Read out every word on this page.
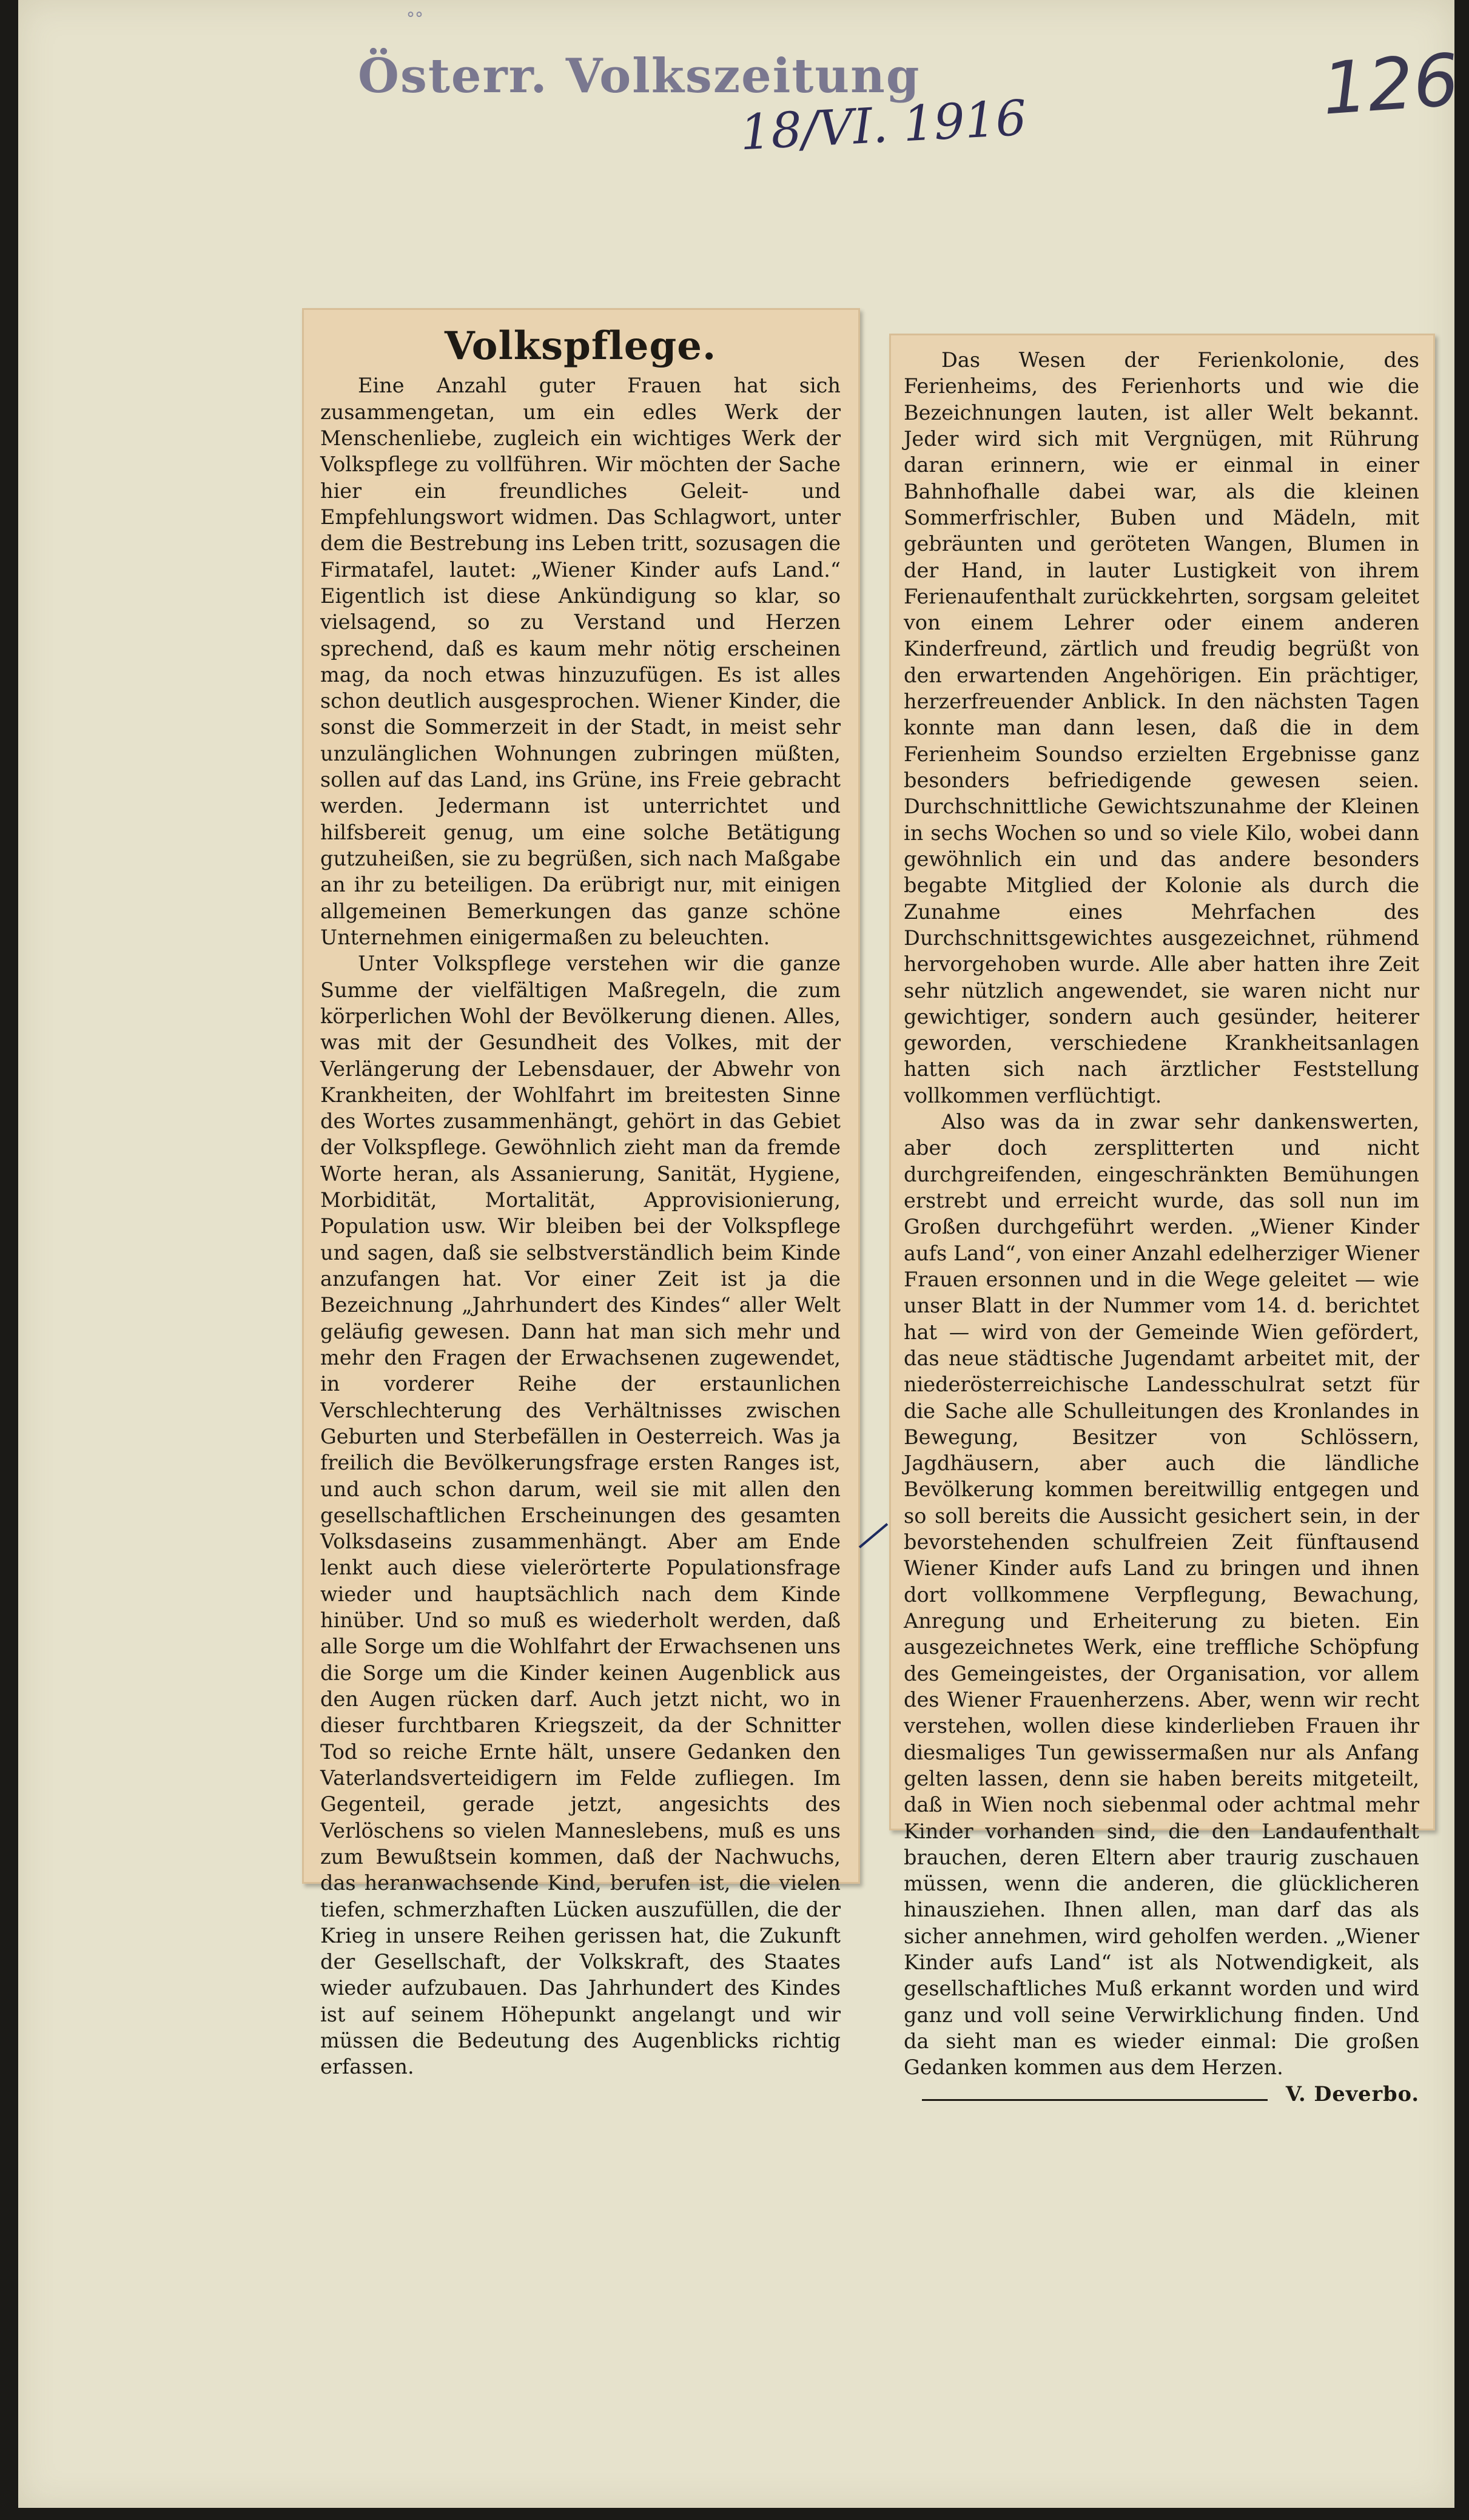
°°
Österr. Volkszeitung
18/VI. 1916	126
Volkspflege.

Eine Anzahl guter Frauen hat sich zusammengetan, um ein edles Werk der Menschenliebe, zugleich ein wichtiges Werk der Volkspflege zu vollführen. Wir möchten der Sache hier ein freundliches Geleit- und Empfehlungswort widmen. Das Schlagwort, unter dem die Bestrebung ins Leben tritt, sozusagen die Firmatafel, lautet: „Wiener Kinder aufs Land.“ Eigentlich ist diese Ankündigung so klar, so vielsagend, so zu Verstand und Herzen sprechend, daß es kaum mehr nötig erscheinen mag, da noch etwas hinzuzufügen. Es ist alles schon deutlich ausgesprochen. Wiener Kinder, die sonst die Sommerzeit in der Stadt, in meist sehr unzulänglichen Wohnungen zubringen müßten, sollen auf das Land, ins Grüne, ins Freie gebracht werden. Jedermann ist unterrichtet und hilfsbereit genug, um eine solche Betätigung gutzuheißen, sie zu begrüßen, sich nach Maßgabe an ihr zu beteiligen. Da erübrigt nur, mit einigen allgemeinen Bemerkungen das ganze schöne Unternehmen einigermaßen zu beleuchten.

Unter Volkspflege verstehen wir die ganze Summe der vielfältigen Maßregeln, die zum körperlichen Wohl der Bevölkerung dienen. Alles, was mit der Gesundheit des Volkes, mit der Verlängerung der Lebensdauer, der Abwehr von Krankheiten, der Wohlfahrt im breitesten Sinne des Wortes zusammenhängt, gehört in das Gebiet der Volkspflege. Gewöhnlich zieht man da fremde Worte heran, als Assanierung, Sanität, Hygiene, Morbidität, Mortalität, Approvisionierung, Population usw. Wir bleiben bei der Volkspflege und sagen, daß sie selbstverständlich beim Kinde anzufangen hat. Vor einer Zeit ist ja die Bezeichnung „Jahrhundert des Kindes“ aller Welt geläufig gewesen. Dann hat man sich mehr und mehr den Fragen der Erwachsenen zugewendet, in vorderer Reihe der erstaunlichen Verschlechterung des Verhältnisses zwischen Geburten und Sterbefällen in Oesterreich. Was ja freilich die Bevölkerungsfrage ersten Ranges ist, und auch schon darum, weil sie mit allen den gesellschaftlichen Erscheinungen des gesamten Volksdaseins zusammenhängt. Aber am Ende lenkt auch diese vielerörterte Populationsfrage wieder und hauptsächlich nach dem Kinde hinüber. Und so muß es wiederholt werden, daß alle Sorge um die Wohlfahrt der Erwachsenen uns die Sorge um die Kinder keinen Augenblick aus den Augen rücken darf. Auch jetzt nicht, wo in dieser furchtbaren Kriegszeit, da der Schnitter Tod so reiche Ernte hält, unsere Gedanken den Vaterlandsverteidigern im Felde zufliegen. Im Gegenteil, gerade jetzt, angesichts des Verlöschens so vielen Manneslebens, muß es uns zum Bewußtsein kommen, daß der Nachwuchs, das heranwachsende Kind, berufen ist, die vielen tiefen, schmerzhaften Lücken auszufüllen, die der Krieg in unsere Reihen gerissen hat, die Zukunft der Gesellschaft, der Volkskraft, des Staates wieder aufzubauen. Das Jahrhundert des Kindes ist auf seinem Höhepunkt angelangt und wir müssen die Bedeutung des Augenblicks richtig erfassen.

Das Wesen der Ferienkolonie, des Ferienheims, des Ferienhorts und wie die Bezeichnungen lauten, ist aller Welt bekannt. Jeder wird sich mit Vergnügen, mit Rührung daran erinnern, wie er einmal in einer Bahnhofhalle dabei war, als die kleinen Sommerfrischler, Buben und Mädeln, mit gebräunten und geröteten Wangen, Blumen in der Hand, in lauter Lustigkeit von ihrem Ferienaufenthalt zurückkehrten, sorgsam geleitet von einem Lehrer oder einem anderen Kinderfreund, zärtlich und freudig begrüßt von den erwartenden Angehörigen. Ein prächtiger, herzerfreuender Anblick. In den nächsten Tagen konnte man dann lesen, daß die in dem Ferienheim Soundso erzielten Ergebnisse ganz besonders befriedigende gewesen seien. Durchschnittliche Gewichtszunahme der Kleinen in sechs Wochen so und so viele Kilo, wobei dann gewöhnlich ein und das andere besonders begabte Mitglied der Kolonie als durch die Zunahme eines Mehrfachen des Durchschnittsgewichtes ausgezeichnet, rühmend hervorgehoben wurde. Alle aber hatten ihre Zeit sehr nützlich angewendet, sie waren nicht nur gewichtiger, sondern auch gesünder, heiterer geworden, verschiedene Krankheitsanlagen hatten sich nach ärztlicher Feststellung vollkommen verflüchtigt.

Also was da in zwar sehr dankenswerten, aber doch zersplitterten und nicht durchgreifenden, eingeschränkten Bemühungen erstrebt und erreicht wurde, das soll nun im Großen durchgeführt werden. „Wiener Kinder aufs Land“, von einer Anzahl edelherziger Wiener Frauen ersonnen und in die Wege geleitet — wie unser Blatt in der Nummer vom 14. d. berichtet hat — wird von der Gemeinde Wien gefördert, das neue städtische Jugendamt arbeitet mit, der niederösterreichische Landesschulrat setzt für die Sache alle Schulleitungen des Kronlandes in Bewegung, Besitzer von Schlössern, Jagdhäusern, aber auch die ländliche Bevölkerung kommen bereitwillig entgegen und so soll bereits die Aussicht gesichert sein, in der bevorstehenden schulfreien Zeit fünftausend Wiener Kinder aufs Land zu bringen und ihnen dort vollkommene Verpflegung, Bewachung, Anregung und Erheiterung zu bieten. Ein ausgezeichnetes Werk, eine treffliche Schöpfung des Gemeingeistes, der Organisation, vor allem des Wiener Frauenherzens. Aber, wenn wir recht verstehen, wollen diese kinderlieben Frauen ihr diesmaliges Tun gewissermaßen nur als Anfang gelten lassen, denn sie haben bereits mitgeteilt, daß in Wien noch siebenmal oder achtmal mehr Kinder vorhanden sind, die den Landaufenthalt brauchen, deren Eltern aber traurig zuschauen müssen, wenn die anderen, die glücklicheren hinausziehen. Ihnen allen, man darf das als sicher annehmen, wird geholfen werden. „Wiener Kinder aufs Land“ ist als Notwendigkeit, als gesellschaftliches Muß erkannt worden und wird ganz und voll seine Verwirklichung finden. Und da sieht man es wieder einmal: Die großen Gedanken kommen aus dem Herzen.

V. Deverbo.
